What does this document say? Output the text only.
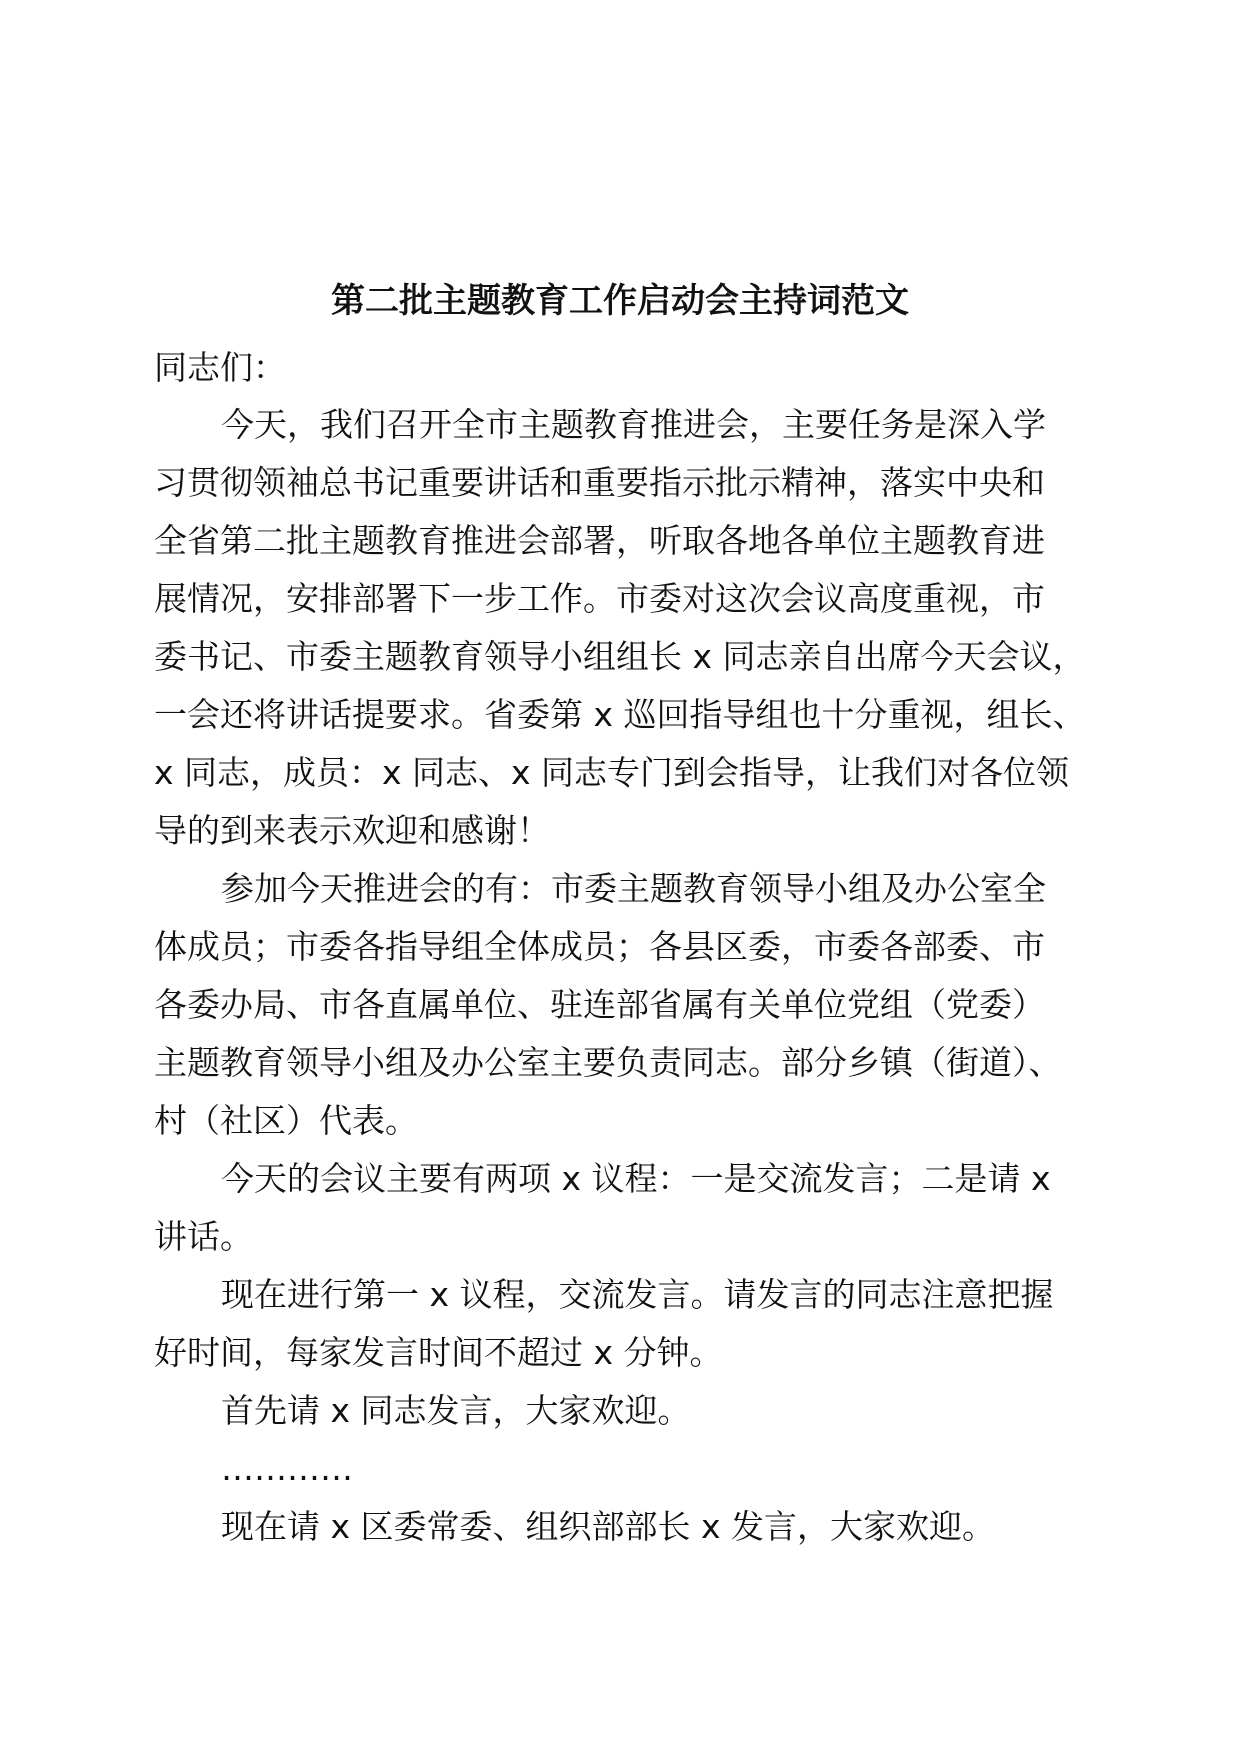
第二批主题教育工作启动会主持词范文
同志们：
今天，我们召开全市主题教育推进会，主要任务是深入学
习贯彻领袖总书记重要讲话和重要指示批示精神，落实中央和
全省第二批主题教育推进会部署，听取各地各单位主题教育进
展情况，安排部署下一步工作。市委对这次会议高度重视，市
委书记、市委主题教育领导小组组长 x 同志亲自出席今天会议，
一会还将讲话提要求。省委第 x 巡回指导组也十分重视，组长、
x 同志，成员：x 同志、x 同志专门到会指导，让我们对各位领
导的到来表示欢迎和感谢！
参加今天推进会的有：市委主题教育领导小组及办公室全
体成员；市委各指导组全体成员；各县区委，市委各部委、市
各委办局、市各直属单位、驻连部省属有关单位党组（党委）
主题教育领导小组及办公室主要负责同志。部分乡镇（街道）、
村（社区）代表。
今天的会议主要有两项 x 议程：一是交流发言；二是请 x
讲话。
现在进行第一 x 议程，交流发言。请发言的同志注意把握
好时间，每家发言时间不超过 x 分钟。
首先请 x 同志发言，大家欢迎。
…………
现在请 x 区委常委、组织部部长 x 发言，大家欢迎。
